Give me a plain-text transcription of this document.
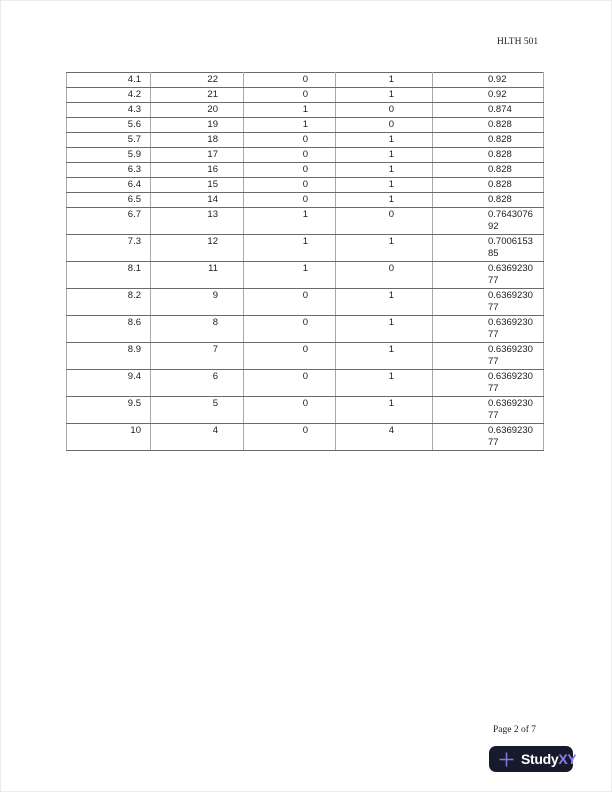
HLTH 501
4.1	22	0	1	0.92
4.2	21	0	1	0.92
4.3	20	1	0	0.874
5.6	19	1	0	0.828
5.7	18	0	1	0.828
5.9	17	0	1	0.828
6.3	16	0	1	0.828
6.4	15	0	1	0.828
6.5	14	0	1	0.828
6.7	13	1	0	0.764307692
7.3	12	1	1	0.700615385
8.1	11	1	0	0.636923077
8.2	9	0	1	0.636923077
8.6	8	0	1	0.636923077
8.9	7	0	1	0.636923077
9.4	6	0	1	0.636923077
9.5	5	0	1	0.636923077
10	4	0	4	0.636923077
Page 2 of 7
StudyXY
